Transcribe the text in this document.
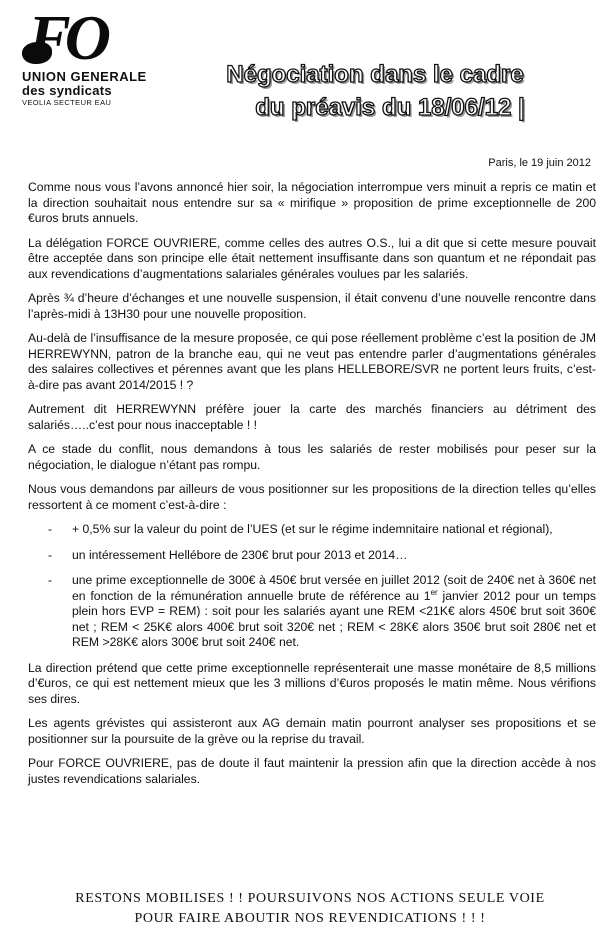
FO
UNION GENERALE
des syndicats
VEOLIA SECTEUR EAU
Négociation dans le cadre

du préavis du 18/06/12 |
Paris, le 19 juin 2012

Comme nous vous l’avons annoncé hier soir, la négociation interrompue vers minuit a repris ce matin et la direction souhaitait nous entendre sur sa « mirifique » proposition de prime exceptionnelle de 200 €uros bruts annuels.

La délégation FORCE OUVRIERE, comme celles des autres O.S., lui a dit que si cette mesure pouvait être acceptée dans son principe elle était nettement insuffisante dans son quantum et ne répondait pas aux revendications d’augmentations salariales générales voulues par les salariés.

Après ¾ d’heure d’échanges et une nouvelle suspension, il était convenu d’une nouvelle rencontre dans l’après-midi à 13H30 pour une nouvelle proposition.

Au-delà de l’insuffisance de la mesure proposée, ce qui pose réellement problème c’est la position de JM HERREWYNN, patron de la branche eau, qui ne veut pas entendre parler d’augmentations générales des salaires collectives et pérennes avant que les plans HELLEBORE/SVR ne portent leurs fruits, c’est-à-dire pas avant 2014/2015 ! ?

Autrement dit HERREWYNN préfère jouer la carte des marchés financiers au détriment des salariés…..c’est pour nous inacceptable ! !

A ce stade du conflit, nous demandons à tous les salariés de rester mobilisés pour peser sur la négociation, le dialogue n’étant pas rompu.

Nous vous demandons par ailleurs de vous positionner sur les propositions de la direction telles qu’elles ressortent à ce moment c’est-à-dire :

- + 0,5% sur la valeur du point de l’UES (et sur le régime indemnitaire national et régional),
- un intéressement Hellébore de 230€ brut pour 2013 et 2014…
- une prime exceptionnelle de 300€ à 450€ brut versée en juillet 2012 (soit de 240€ net à 360€ net en fonction de la rémunération annuelle brute de référence au 1er janvier 2012 pour un temps plein hors EVP = REM) : soit pour les salariés ayant une REM <21K€ alors 450€ brut soit 360€ net ; REM < 25K€ alors 400€ brut soit 320€ net ; REM < 28K€ alors 350€ brut soit 280€ net et REM >28K€ alors 300€ brut soit 240€ net.

La direction prétend que cette prime exceptionnelle représenterait une masse monétaire de 8,5 millions d’€uros, ce qui est nettement mieux que les 3 millions d’€uros proposés le matin même. Nous vérifions ses dires.

Les agents grévistes qui assisteront aux AG demain matin pourront analyser ses propositions et se positionner sur la poursuite de la grève ou la reprise du travail.

Pour FORCE OUVRIERE, pas de doute il faut maintenir la pression afin que la direction accède à nos justes revendications salariales.

RESTONS MOBILISES ! ! POURSUIVONS NOS ACTIONS SEULE VOIE
POUR FAIRE ABOUTIR NOS REVENDICATIONS ! ! !
